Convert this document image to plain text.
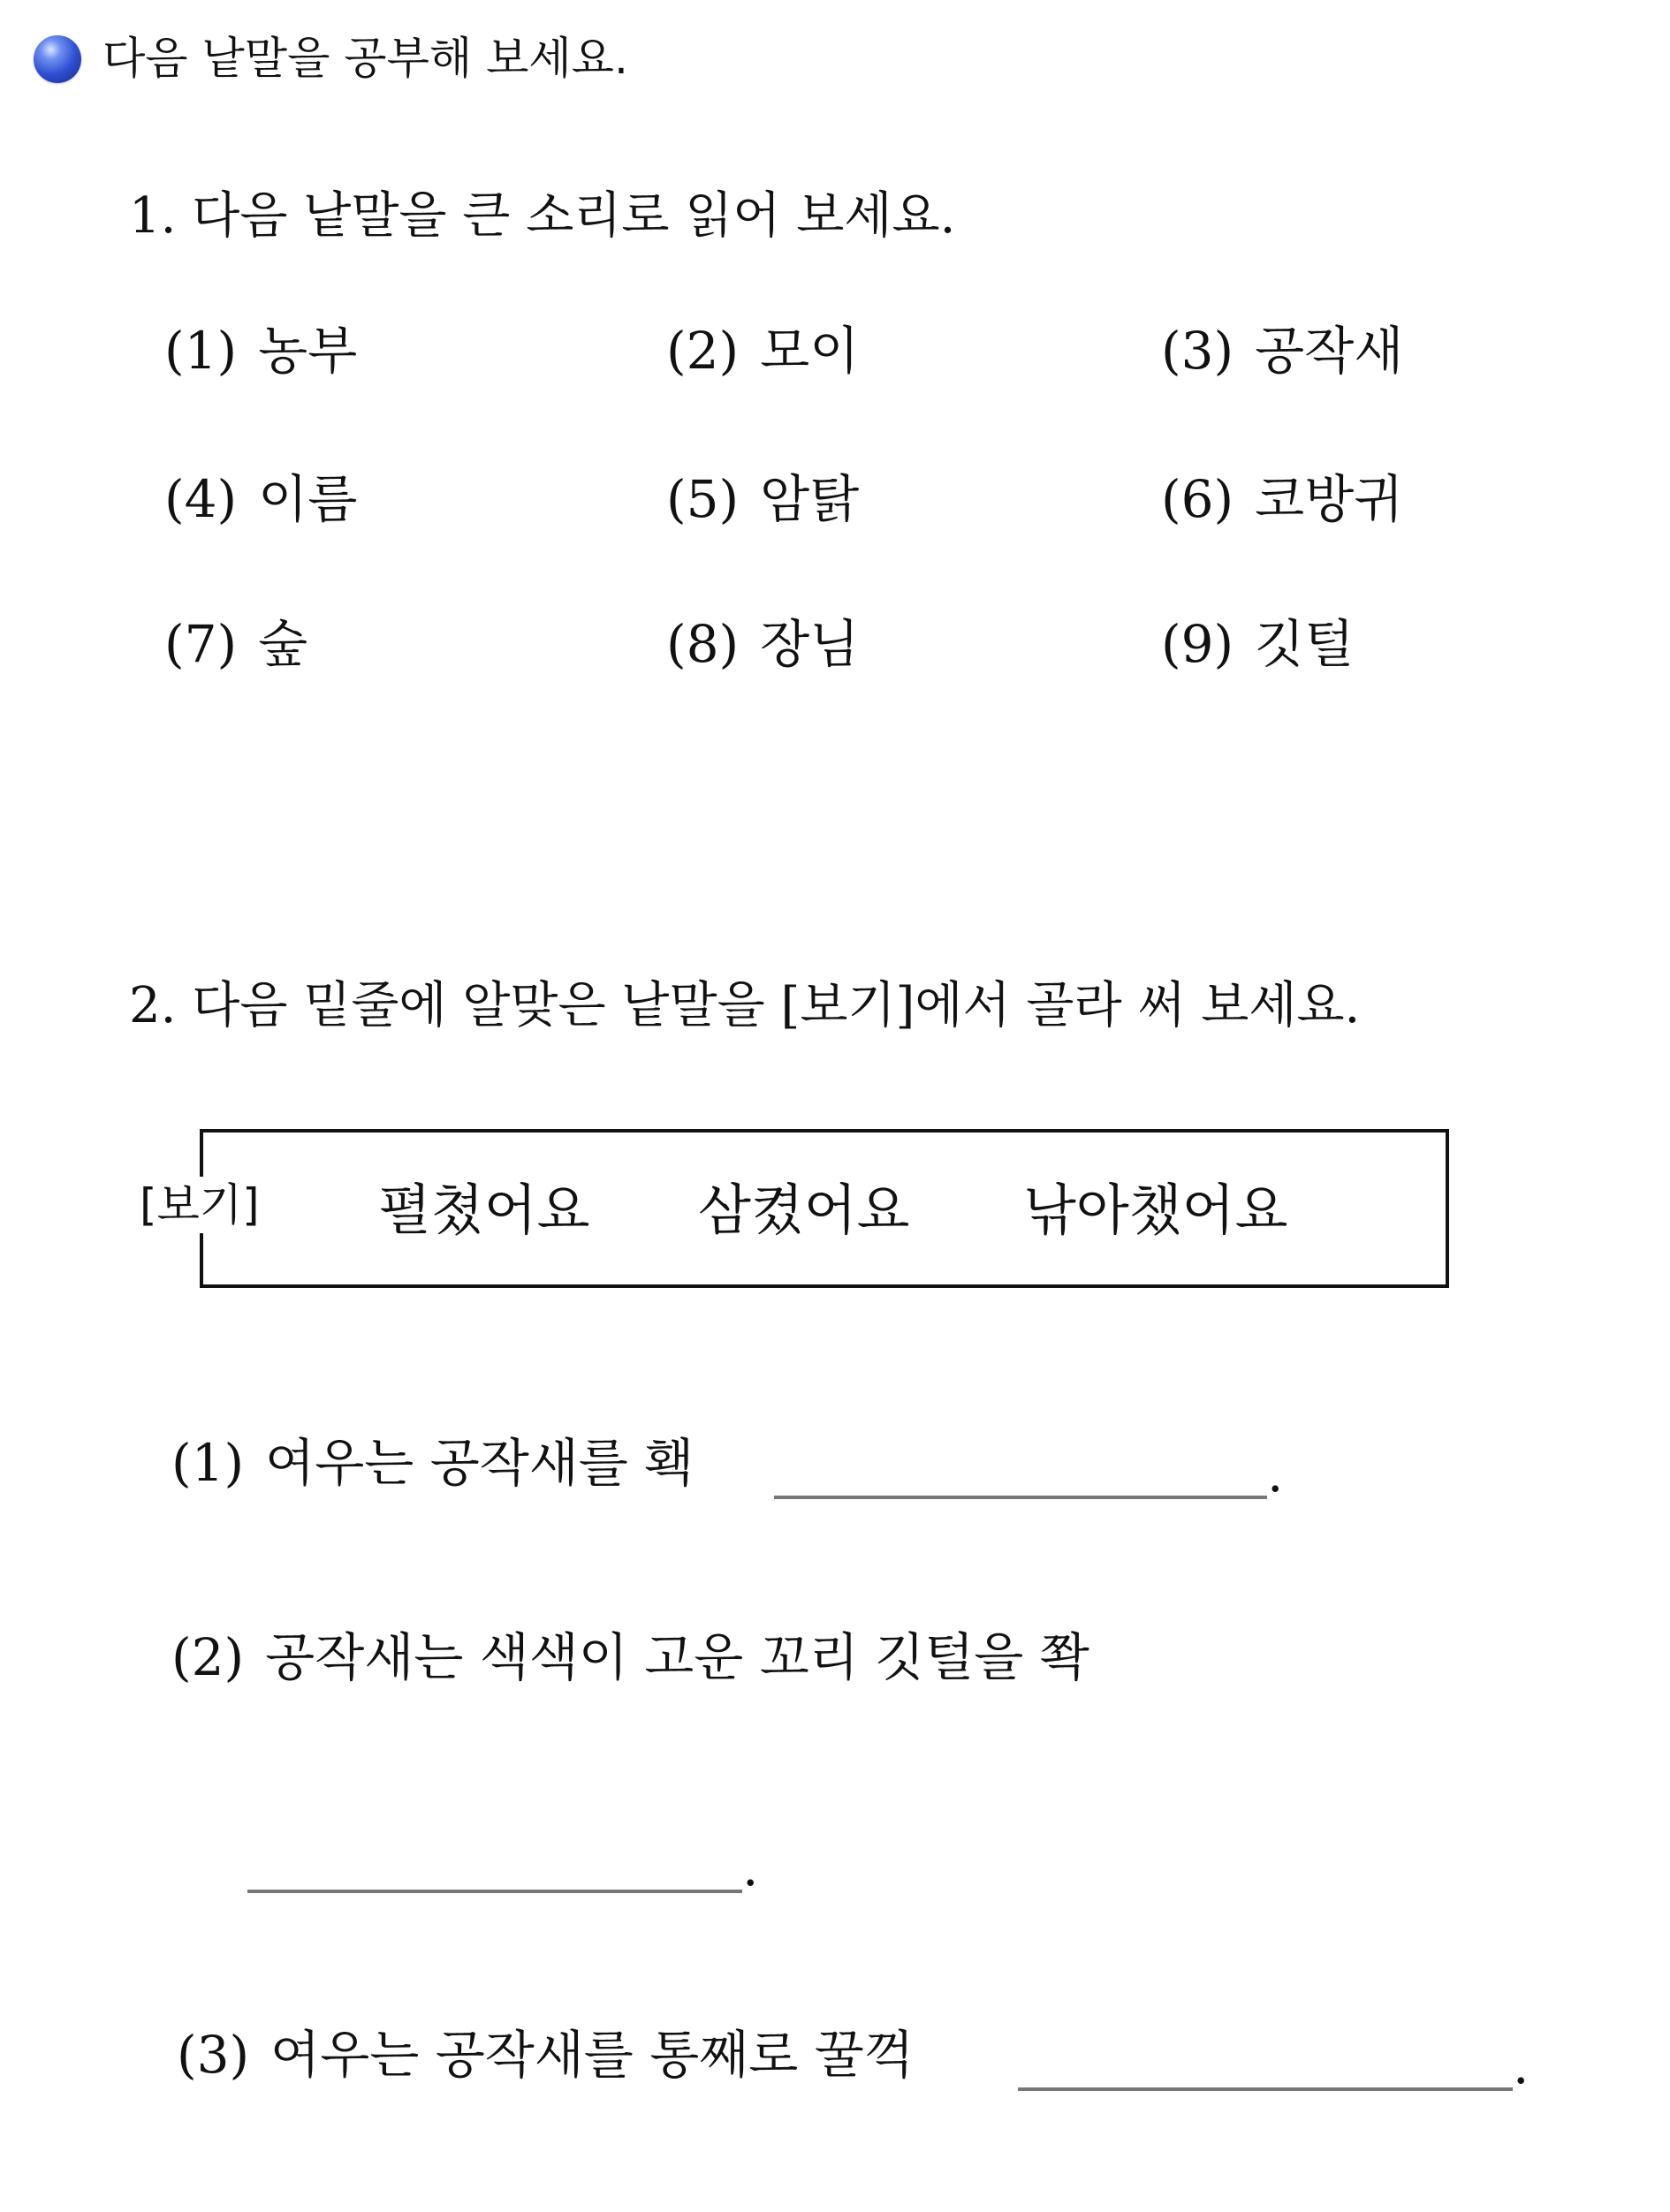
다음 낱말을 공부해 보세요.
1. 다음 낱말을 큰 소리로 읽어 보세요.
(1) 농부	(2) 모이	(3) 공작새
(4) 이름	(5) 암탉	(6) 코방귀
(7) 숲	(8) 장님	(9) 깃털
2. 다음 밑줄에 알맞은 낱말을 [보기]에서 골라 써 보세요.
[보기] 펼쳤어요 삼켰어요 낚아챘어요
(1) 여우는 공작새를 홱	.
(2) 공작새는 색색이 고운 꼬리 깃털을 쫙
.
(3) 여우는 공작새를 통째로 꿀꺽	.
